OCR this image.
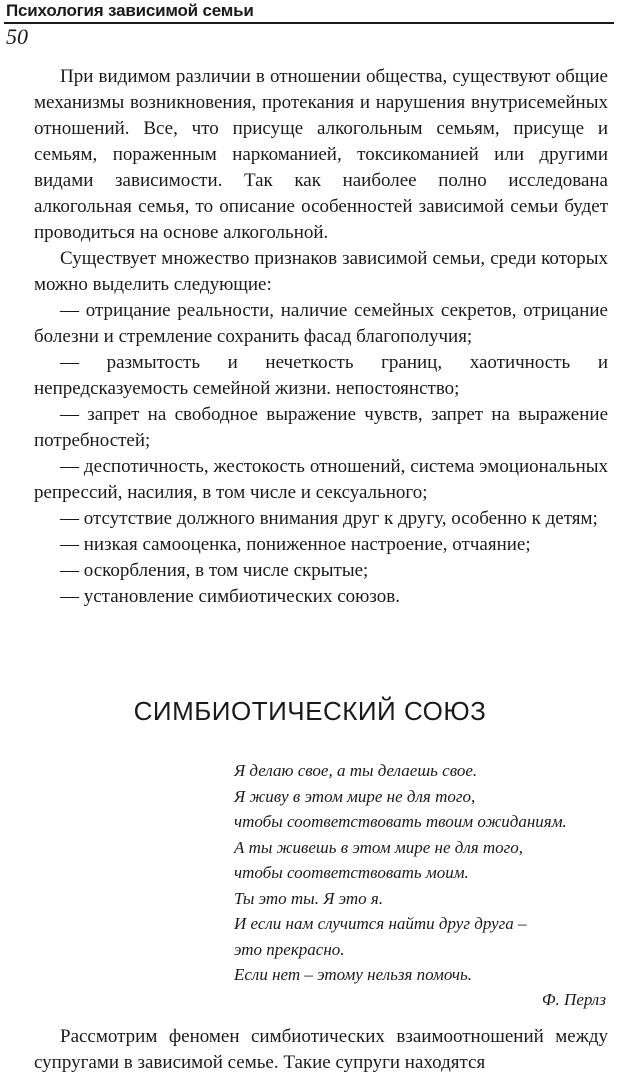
Психология зависимой семьи
50

При видимом различии в отношении общества, существуют общие механизмы возникновения, протекания и нарушения внутрисемейных отношений. Все, что присуще алкогольным семьям, присуще и семьям, пораженным наркоманией, токсикоманией или другими видами зависимости. Так как наиболее полно исследована алкогольная семья, то описание особенностей зависимой семьи будет проводиться на основе алкогольной.

Существует множество признаков зависимой семьи, среди которых можно выделить следующие:

— отрицание реальности, наличие семейных секретов, отрицание болезни и стремление сохранить фасад благополучия;

— размытость и нечеткость границ, хаотичность и непредсказуемость семейной жизни. непостоянство;

— запрет на свободное выражение чувств, запрет на выражение потребностей;

— деспотичность, жестокость отношений, система эмоциональных репрессий, насилия, в том числе и сексуального;

— отсутствие должного внимания друг к другу, особенно к детям;

— низкая самооценка, пониженное настроение, отчаяние;

— оскорбления, в том числе скрытые;

— установление симбиотических союзов.

СИМБИОТИЧЕСКИЙ СОЮЗ
Я делаю свое, а ты делаешь свое.
Я живу в этом мире не для того,
чтобы соответствовать твоим ожиданиям.
А ты живешь в этом мире не для того,
чтобы соответствовать моим.
Ты это ты. Я это я.
И если нам случится найти друг друга –
это прекрасно.
Если нет – этому нельзя помочь.
Ф. Перлз

Рассмотрим феномен симбиотических взаимоотношений между супругами в зависимой семье. Такие супруги находятся
